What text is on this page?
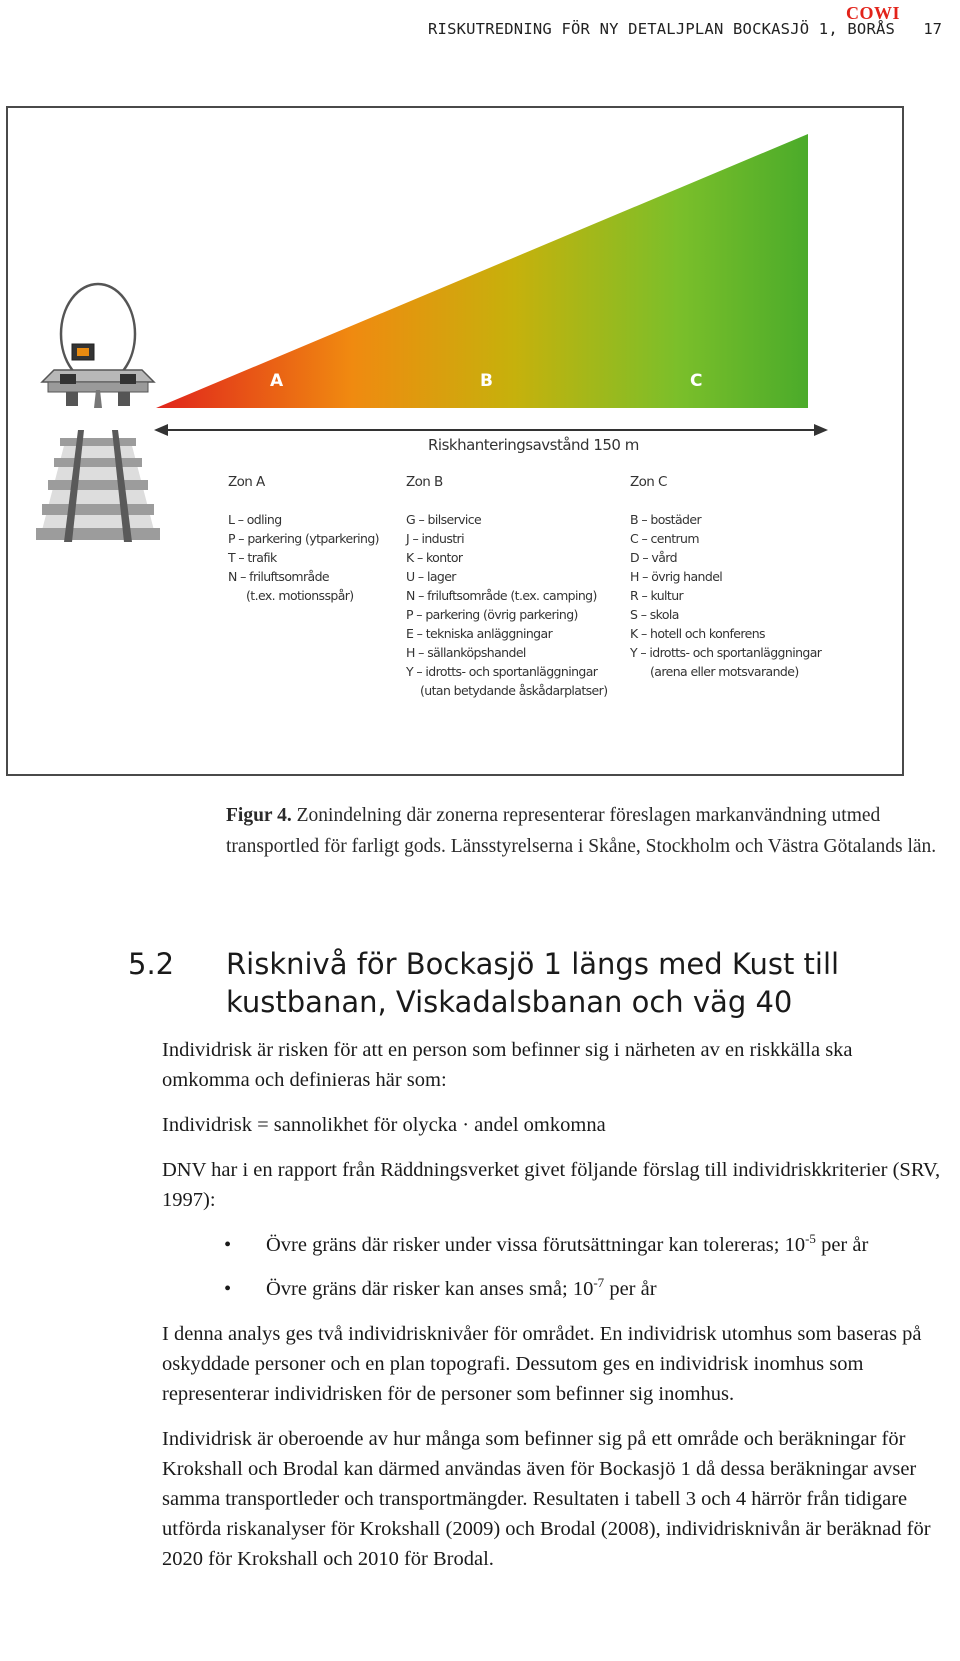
COWI
RISKUTREDNING FÖR NY DETALJPLAN BOCKASJÖ 1, BORÅS 17
A	B	C
Riskhanteringsavstånd 150 m
Zon A
L – odling
P – parkering (ytparkering)
T – trafik
N – friluftsområde
(t.ex. motionsspår)
Zon B
G – bilservice
J – industri
K – kontor
U – lager
N – friluftsområde (t.ex. camping)
P – parkering (övrig parkering)
E – tekniska anläggningar
H – sällanköpshandel
Y – idrotts- och sportanläggningar
(utan betydande åskådarplatser)
Zon C
B – bostäder
C – centrum
D – vård
H – övrig handel
R – kultur
S – skola
K – hotell och konferens
Y – idrotts- och sportanläggningar
(arena eller motsvarande)
Figur 4. Zonindelning där zonerna representerar föreslagen markanvändning utmed transportled för farligt gods. Länsstyrelserna i Skåne, Stockholm och Västra Götalands län.
5.2 Risknivå för Bockasjö 1 längs med Kust till kustbanan, Viskadalsbanan och väg 40

Individrisk är risken för att en person som befinner sig i närheten av en riskkälla ska omkomma och definieras här som:

Individrisk = sannolikhet för olycka · andel omkomna

DNV har i en rapport från Räddningsverket givet följande förslag till individriskkriterier (SRV, 1997):

• Övre gräns där risker under vissa förutsättningar kan tolereras; $10^{-5}$ per år
• Övre gräns där risker kan anses små; $10^{-7}$ per år

I denna analys ges två individrisknivåer för området. En individrisk utomhus som baseras på oskyddade personer och en plan topografi. Dessutom ges en individrisk inomhus som representerar individrisken för de personer som befinner sig inomhus.

Individrisk är oberoende av hur många som befinner sig på ett område och beräkningar för Krokshall och Brodal kan därmed användas även för Bockasjö 1 då dessa beräkningar avser samma transportleder och transportmängder. Resultaten i tabell 3 och 4 härrör från tidigare utförda riskanalyser för Krokshall (2009) och Brodal (2008), individrisknivån är beräknad för 2020 för Krokshall och 2010 för Brodal.
